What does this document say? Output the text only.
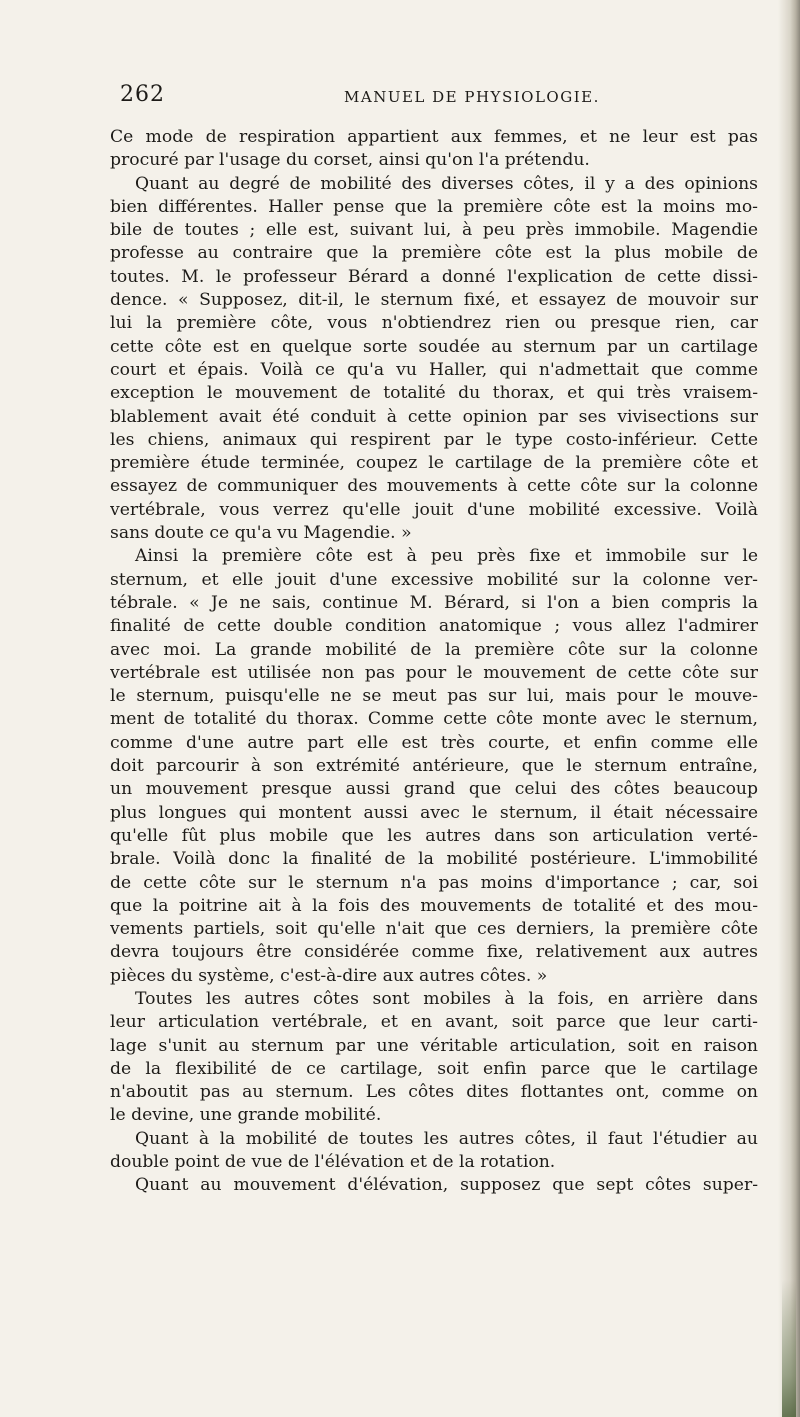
262	MANUEL DE PHYSIOLOGIE.
Ce mode de respiration appartient aux femmes, et ne leur est pas
procuré par l'usage du corset, ainsi qu'on l'a prétendu.
Quant au degré de mobilité des diverses côtes, il y a des opinions
bien différentes. Haller pense que la première côte est la moins mo-
bile de toutes ; elle est, suivant lui, à peu près immobile. Magendie
professe au contraire que la première côte est la plus mobile de
toutes. M. le professeur Bérard a donné l'explication de cette dissi-
dence. « Supposez, dit-il, le sternum fixé, et essayez de mouvoir sur
lui la première côte, vous n'obtiendrez rien ou presque rien, car
cette côte est en quelque sorte soudée au sternum par un cartilage
court et épais. Voilà ce qu'a vu Haller, qui n'admettait que comme
exception le mouvement de totalité du thorax, et qui très vraisem-
blablement avait été conduit à cette opinion par ses vivisections sur
les chiens, animaux qui respirent par le type costo-inférieur. Cette
première étude terminée, coupez le cartilage de la première côte et
essayez de communiquer des mouvements à cette côte sur la colonne
vertébrale, vous verrez qu'elle jouit d'une mobilité excessive. Voilà
sans doute ce qu'a vu Magendie. »
Ainsi la première côte est à peu près fixe et immobile sur le
sternum, et elle jouit d'une excessive mobilité sur la colonne ver-
tébrale. « Je ne sais, continue M. Bérard, si l'on a bien compris la
finalité de cette double condition anatomique ; vous allez l'admirer
avec moi. La grande mobilité de la première côte sur la colonne
vertébrale est utilisée non pas pour le mouvement de cette côte sur
le sternum, puisqu'elle ne se meut pas sur lui, mais pour le mouve-
ment de totalité du thorax. Comme cette côte monte avec le sternum,
comme d'une autre part elle est très courte, et enfin comme elle
doit parcourir à son extrémité antérieure, que le sternum entraîne,
un mouvement presque aussi grand que celui des côtes beaucoup
plus longues qui montent aussi avec le sternum, il était nécessaire
qu'elle fût plus mobile que les autres dans son articulation verté-
brale. Voilà donc la finalité de la mobilité postérieure. L'immobilité
de cette côte sur le sternum n'a pas moins d'importance ; car, soi
que la poitrine ait à la fois des mouvements de totalité et des mou-
vements partiels, soit qu'elle n'ait que ces derniers, la première côte
devra toujours être considérée comme fixe, relativement aux autres
pièces du système, c'est-à-dire aux autres côtes. »
Toutes les autres côtes sont mobiles à la fois, en arrière dans
leur articulation vertébrale, et en avant, soit parce que leur carti-
lage s'unit au sternum par une véritable articulation, soit en raison
de la flexibilité de ce cartilage, soit enfin parce que le cartilage
n'aboutit pas au sternum. Les côtes dites flottantes ont, comme on
le devine, une grande mobilité.
Quant à la mobilité de toutes les autres côtes, il faut l'étudier au
double point de vue de l'élévation et de la rotation.
Quant au mouvement d'élévation, supposez que sept côtes super-
